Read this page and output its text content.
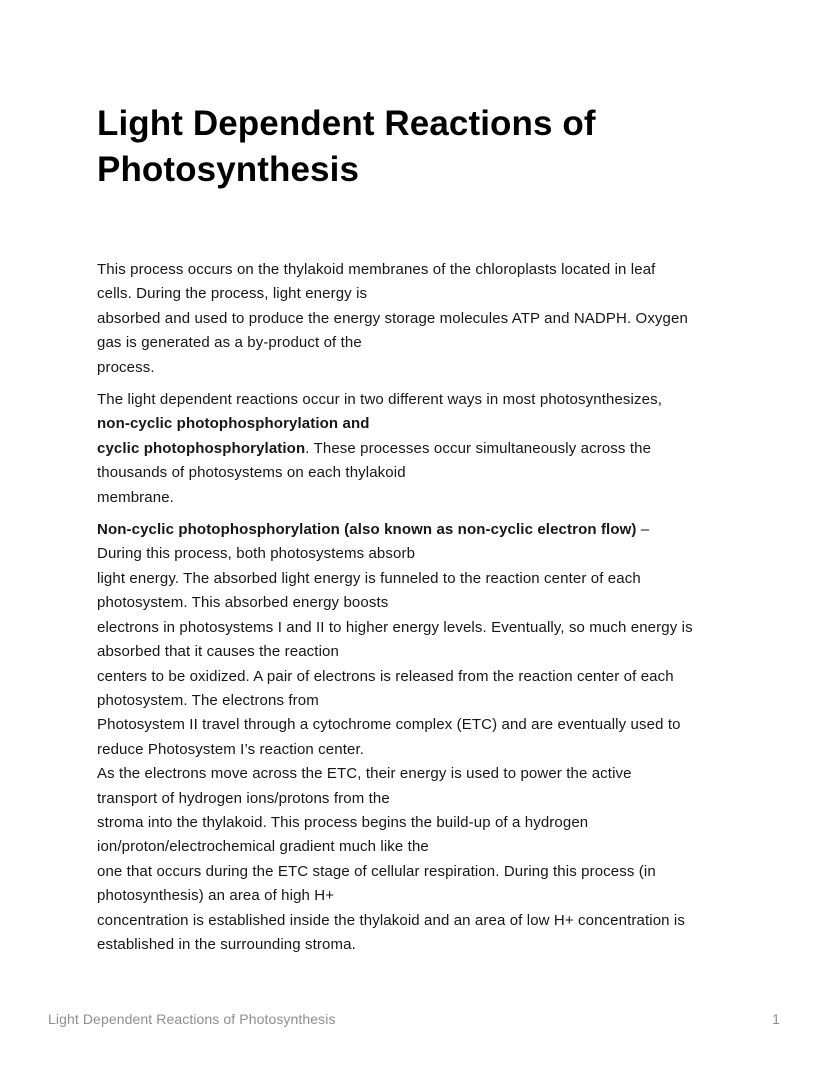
Light Dependent Reactions of
Photosynthesis
This process occurs on the thylakoid membranes of the chloroplasts located in leaf
cells. During the process, light energy is
absorbed and used to produce the energy storage molecules ATP and NADPH. Oxygen
gas is generated as a by-product of the
process.
The light dependent reactions occur in two different ways in most photosynthesizes,
non-cyclic photophosphorylation and
cyclic photophosphorylation. These processes occur simultaneously across the
thousands of photosystems on each thylakoid
membrane.
Non-cyclic photophosphorylation (also known as non-cyclic electron flow) –
During this process, both photosystems absorb
light energy. The absorbed light energy is funneled to the reaction center of each
photosystem. This absorbed energy boosts
electrons in photosystems I and II to higher energy levels. Eventually, so much energy is
absorbed that it causes the reaction
centers to be oxidized. A pair of electrons is released from the reaction center of each
photosystem. The electrons from
Photosystem II travel through a cytochrome complex (ETC) and are eventually used to
reduce Photosystem I’s reaction center.
As the electrons move across the ETC, their energy is used to power the active
transport of hydrogen ions/protons from the
stroma into the thylakoid. This process begins the build-up of a hydrogen
ion/proton/electrochemical gradient much like the
one that occurs during the ETC stage of cellular respiration. During this process (in
photosynthesis) an area of high H+
concentration is established inside the thylakoid and an area of low H+ concentration is
established in the surrounding stroma.
Light Dependent Reactions of Photosynthesis	1
